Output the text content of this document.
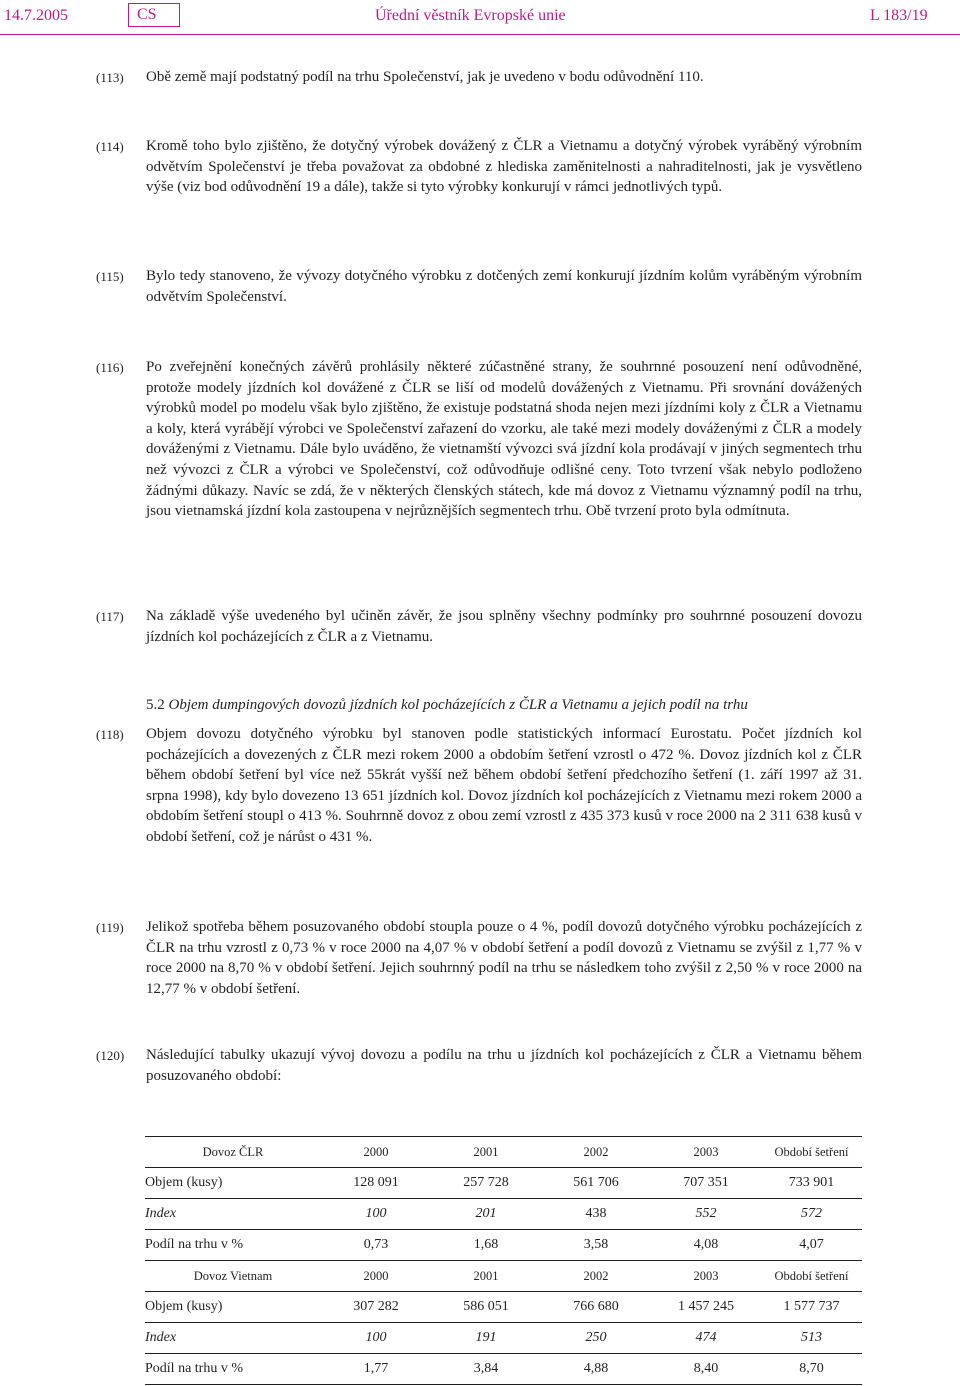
14.7.2005	CS	Úřední věstník Evropské unie	L 183/19
(113) Obě země mají podstatný podíl na trhu Společenství, jak je uvedeno v bodu odůvodnění 110.
(114) Kromě toho bylo zjištěno, že dotyčný výrobek dovážený z ČLR a Vietnamu a dotyčný výrobek vyráběný výrobním odvětvím Společenství je třeba považovat za obdobné z hlediska zaměnitelnosti a nahraditelnosti, jak je vysvětleno výše (viz bod odůvodnění 19 a dále), takže si tyto výrobky konkurují v rámci jednotlivých typů.
(115) Bylo tedy stanoveno, že vývozy dotyčného výrobku z dotčených zemí konkurují jízdním kolům vyráběným výrobním odvětvím Společenství.
(116) Po zveřejnění konečných závěrů prohlásily některé zúčastněné strany, že souhrnné posouzení není odůvodněné, protože modely jízdních kol dovážené z ČLR se liší od modelů dovážených z Vietnamu. Při srovnání dovážených výrobků model po modelu však bylo zjištěno, že existuje podstatná shoda nejen mezi jízdními koly z ČLR a Vietnamu a koly, která vyrábějí výrobci ve Společenství zařazení do vzorku, ale také mezi modely dováženými z ČLR a modely dováženými z Vietnamu. Dále bylo uváděno, že vietnamští vývozci svá jízdní kola prodávají v jiných segmentech trhu než vývozci z ČLR a výrobci ve Společenství, což odůvodňuje odlišné ceny. Toto tvrzení však nebylo podloženo žádnými důkazy. Navíc se zdá, že v některých členských státech, kde má dovoz z Vietnamu významný podíl na trhu, jsou vietnamská jízdní kola zastoupena v nejrůznějších segmentech trhu. Obě tvrzení proto byla odmítnuta.
(117) Na základě výše uvedeného byl učiněn závěr, že jsou splněny všechny podmínky pro souhrnné posouzení dovozu jízdních kol pocházejících z ČLR a z Vietnamu.
5.2 Objem dumpingových dovozů jízdních kol pocházejících z ČLR a Vietnamu a jejich podíl na trhu
(118) Objem dovozu dotyčného výrobku byl stanoven podle statistických informací Eurostatu. Počet jízdních kol pocházejících a dovezených z ČLR mezi rokem 2000 a obdobím šetření vzrostl o 472 %. Dovoz jízdních kol z ČLR během období šetření byl více než 55krát vyšší než během období šetření předchozího šetření (1. září 1997 až 31. srpna 1998), kdy bylo dovezeno 13 651 jízdních kol. Dovoz jízdních kol pocházejících z Vietnamu mezi rokem 2000 a obdobím šetření stoupl o 413 %. Souhrnně dovoz z obou zemí vzrostl z 435 373 kusů v roce 2000 na 2 311 638 kusů v období šetření, což je nárůst o 431 %.
(119) Jelikož spotřeba během posuzovaného období stoupla pouze o 4 %, podíl dovozů dotyčného výrobku pocházejících z ČLR na trhu vzrostl z 0,73 % v roce 2000 na 4,07 % v období šetření a podíl dovozů z Vietnamu se zvýšil z 1,77 % v roce 2000 na 8,70 % v období šetření. Jejich souhrnný podíl na trhu se následkem toho zvýšil z 2,50 % v roce 2000 na 12,77 % v období šetření.
(120) Následující tabulky ukazují vývoj dovozu a podílu na trhu u jízdních kol pocházejících z ČLR a Vietnamu během posuzovaného období:
Dovoz ČLR	2000	2001	2002	2003	Období šetření
Objem (kusy)	128 091	257 728	561 706	707 351	733 901
Index	100	201	438	552	572
Podíl na trhu v %	0,73	1,68	3,58	4,08	4,07
Dovoz Vietnam	2000	2001	2002	2003	Období šetření
Objem (kusy)	307 282	586 051	766 680	1 457 245	1 577 737
Index	100	191	250	474	513
Podíl na trhu v %	1,77	3,84	4,88	8,40	8,70
